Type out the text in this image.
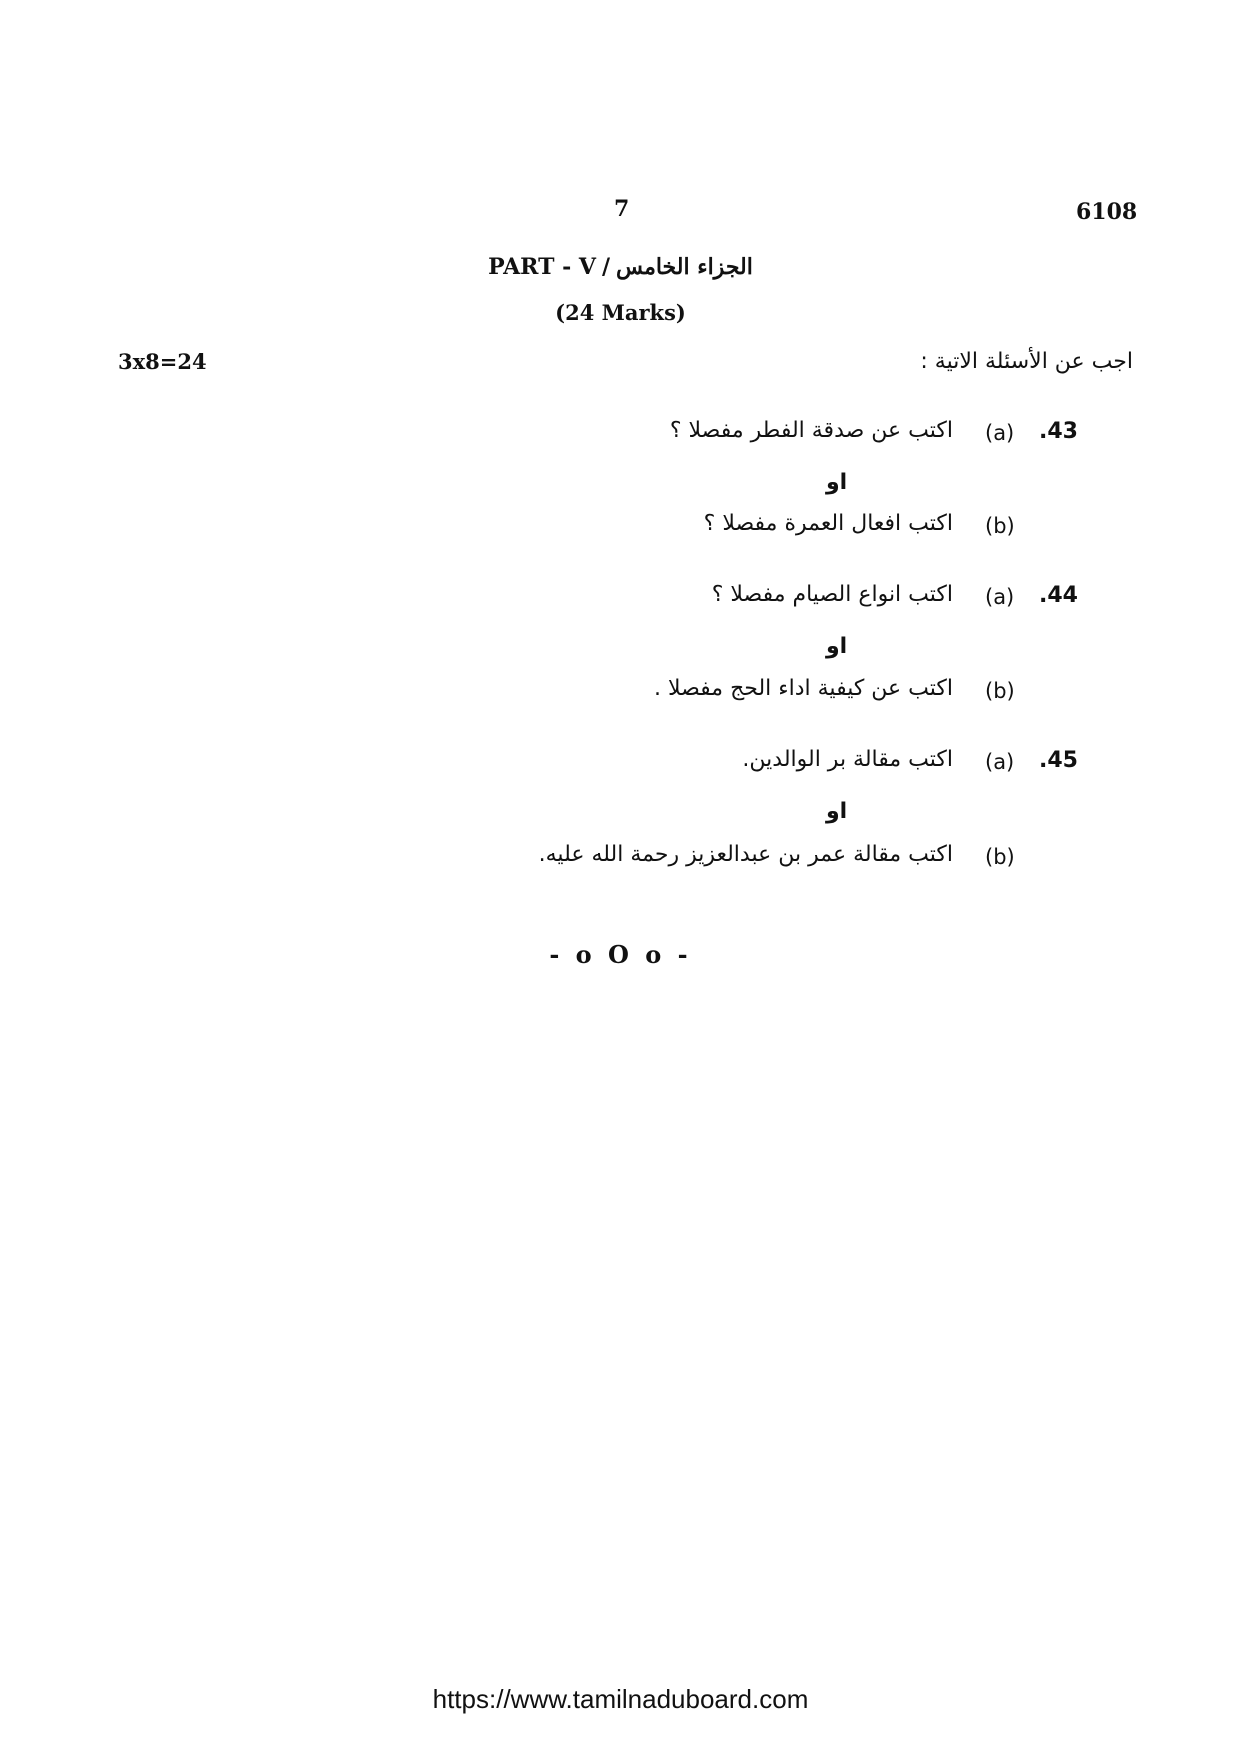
7	6108
PART - V / الجزاء الخامس
(24 Marks)
3x8=24	اجب عن الأسئلة الاتية :
.43
(a)
اكتب عن صدقة الفطر مفصلا ؟
او
(b)
اكتب افعال العمرة مفصلا ؟
.44
(a)
اكتب انواع الصيام مفصلا ؟
او
(b)
اكتب عن كيفية اداء الحج مفصلا .
.45
(a)
اكتب مقالة بر الوالدين.
او
(b)
اكتب مقالة عمر بن عبدالعزيز رحمة الله عليه.
- o O o -
https://www.tamilnaduboard.com
